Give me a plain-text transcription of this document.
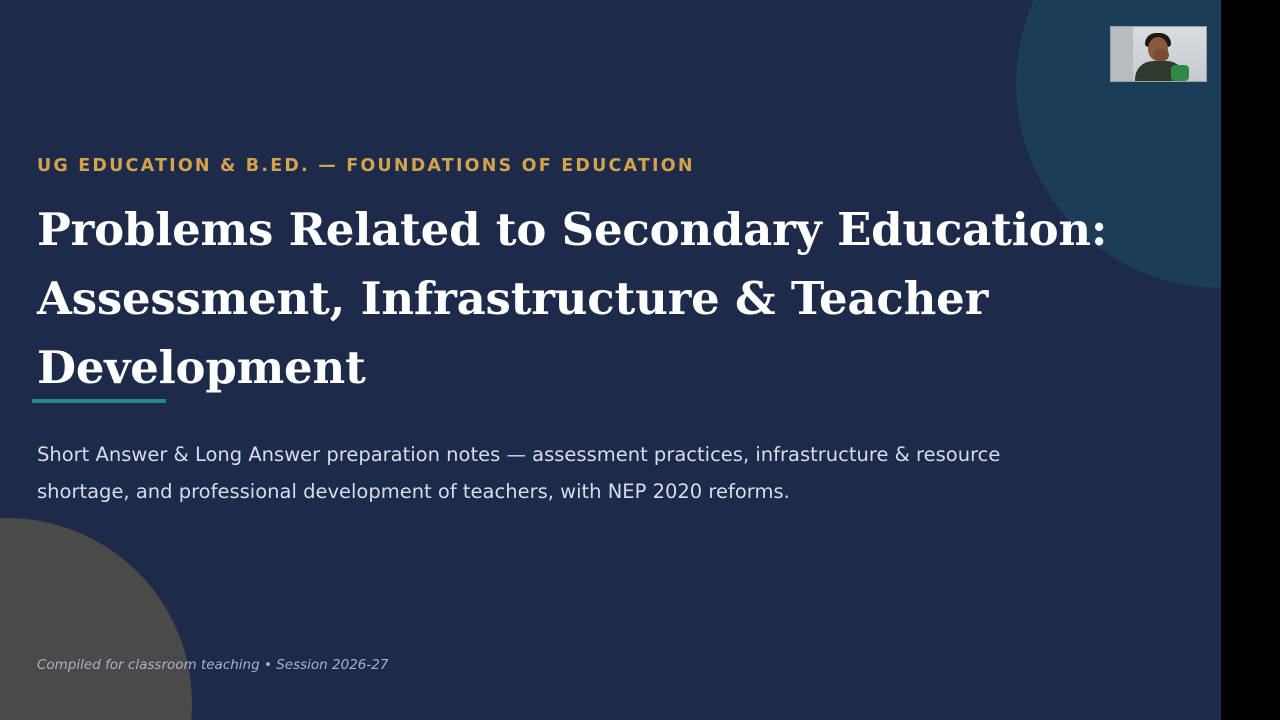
UG EDUCATION & B.ED. — FOUNDATIONS OF EDUCATION
Problems Related to Secondary Education:
Assessment, Infrastructure & Teacher
Development

Short Answer & Long Answer preparation notes — assessment practices, infrastructure & resource
shortage, and professional development of teachers, with NEP 2020 reforms.

Compiled for classroom teaching • Session 2026-27
